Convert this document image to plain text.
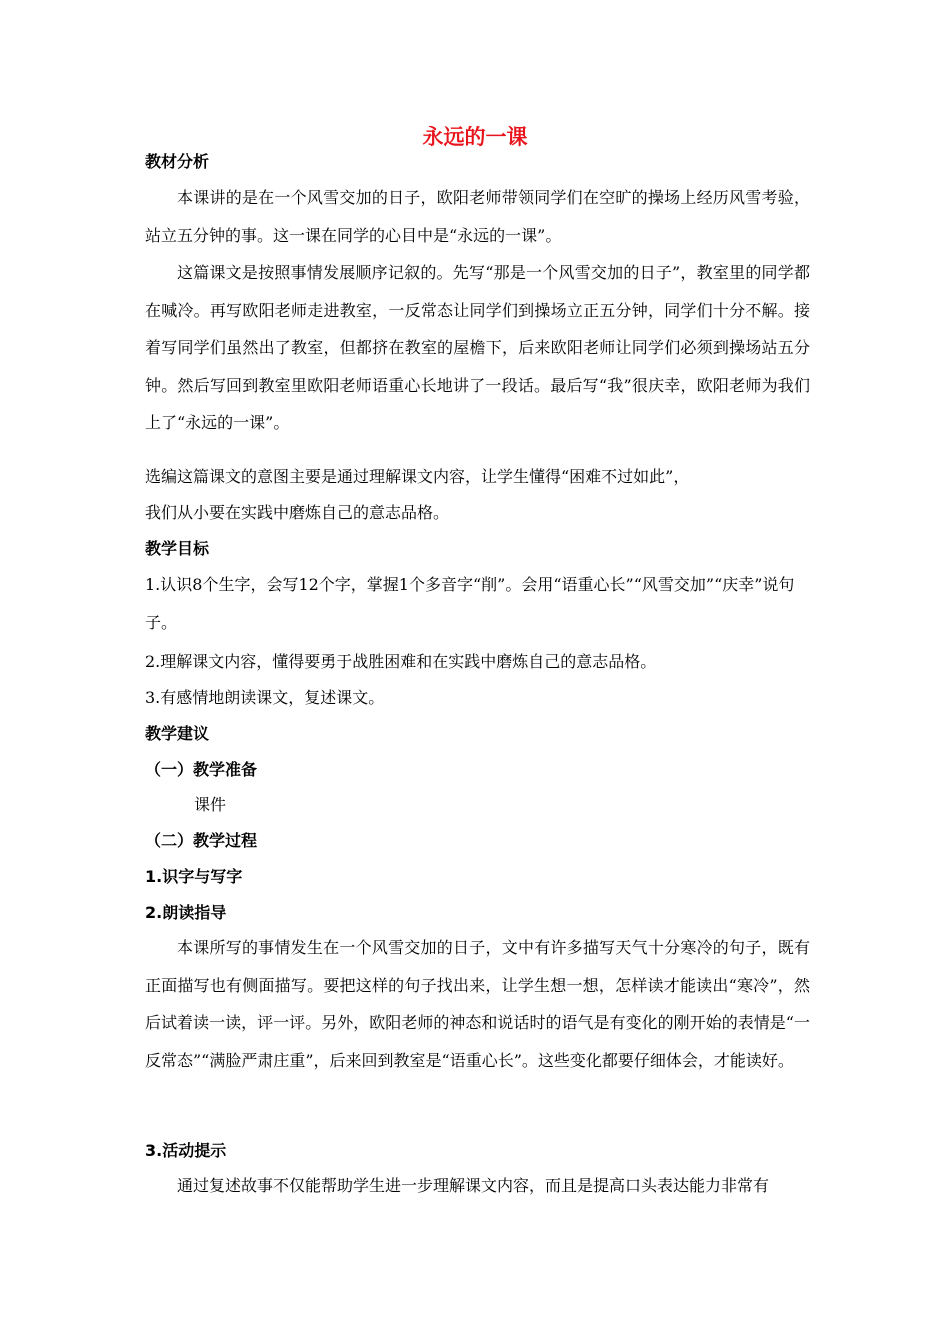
永远的一课
教材分析
本课讲的是在一个风雪交加的日子，欧阳老师带领同学们在空旷的操场上经历风雪考验，站立五分钟的事。这一课在同学的心目中是“永远的一课”。
这篇课文是按照事情发展顺序记叙的。先写“那是一个风雪交加的日子”，教室里的同学都在喊冷。再写欧阳老师走进教室，一反常态让同学们到操场立正五分钟，同学们十分不解。接着写同学们虽然出了教室，但都挤在教室的屋檐下，后来欧阳老师让同学们必须到操场站五分钟。然后写回到教室里欧阳老师语重心长地讲了一段话。最后写“我”很庆幸，欧阳老师为我们上了“永远的一课”。
选编这篇课文的意图主要是通过理解课文内容，让学生懂得“困难不过如此”，
我们从小要在实践中磨炼自己的意志品格。
教学目标
1.认识8个生字，会写12个字，掌握1个多音字“削”。会用“语重心长”“风雪交加”“庆幸”说句子。
2.理解课文内容，懂得要勇于战胜困难和在实践中磨炼自己的意志品格。
3.有感情地朗读课文，复述课文。
教学建议
（一）教学准备
课件
（二）教学过程
1.识字与写字
2.朗读指导
本课所写的事情发生在一个风雪交加的日子，文中有许多描写天气十分寒冷的句子，既有正面描写也有侧面描写。要把这样的句子找出来，让学生想一想，怎样读才能读出“寒冷”，然后试着读一读，评一评。另外，欧阳老师的神态和说话时的语气是有变化的刚开始的表情是“一反常态”“满脸严肃庄重”，后来回到教室是“语重心长”。这些变化都要仔细体会，才能读好。
3.活动提示
通过复述故事不仅能帮助学生进一步理解课文内容，而且是提高口头表达能力非常有
